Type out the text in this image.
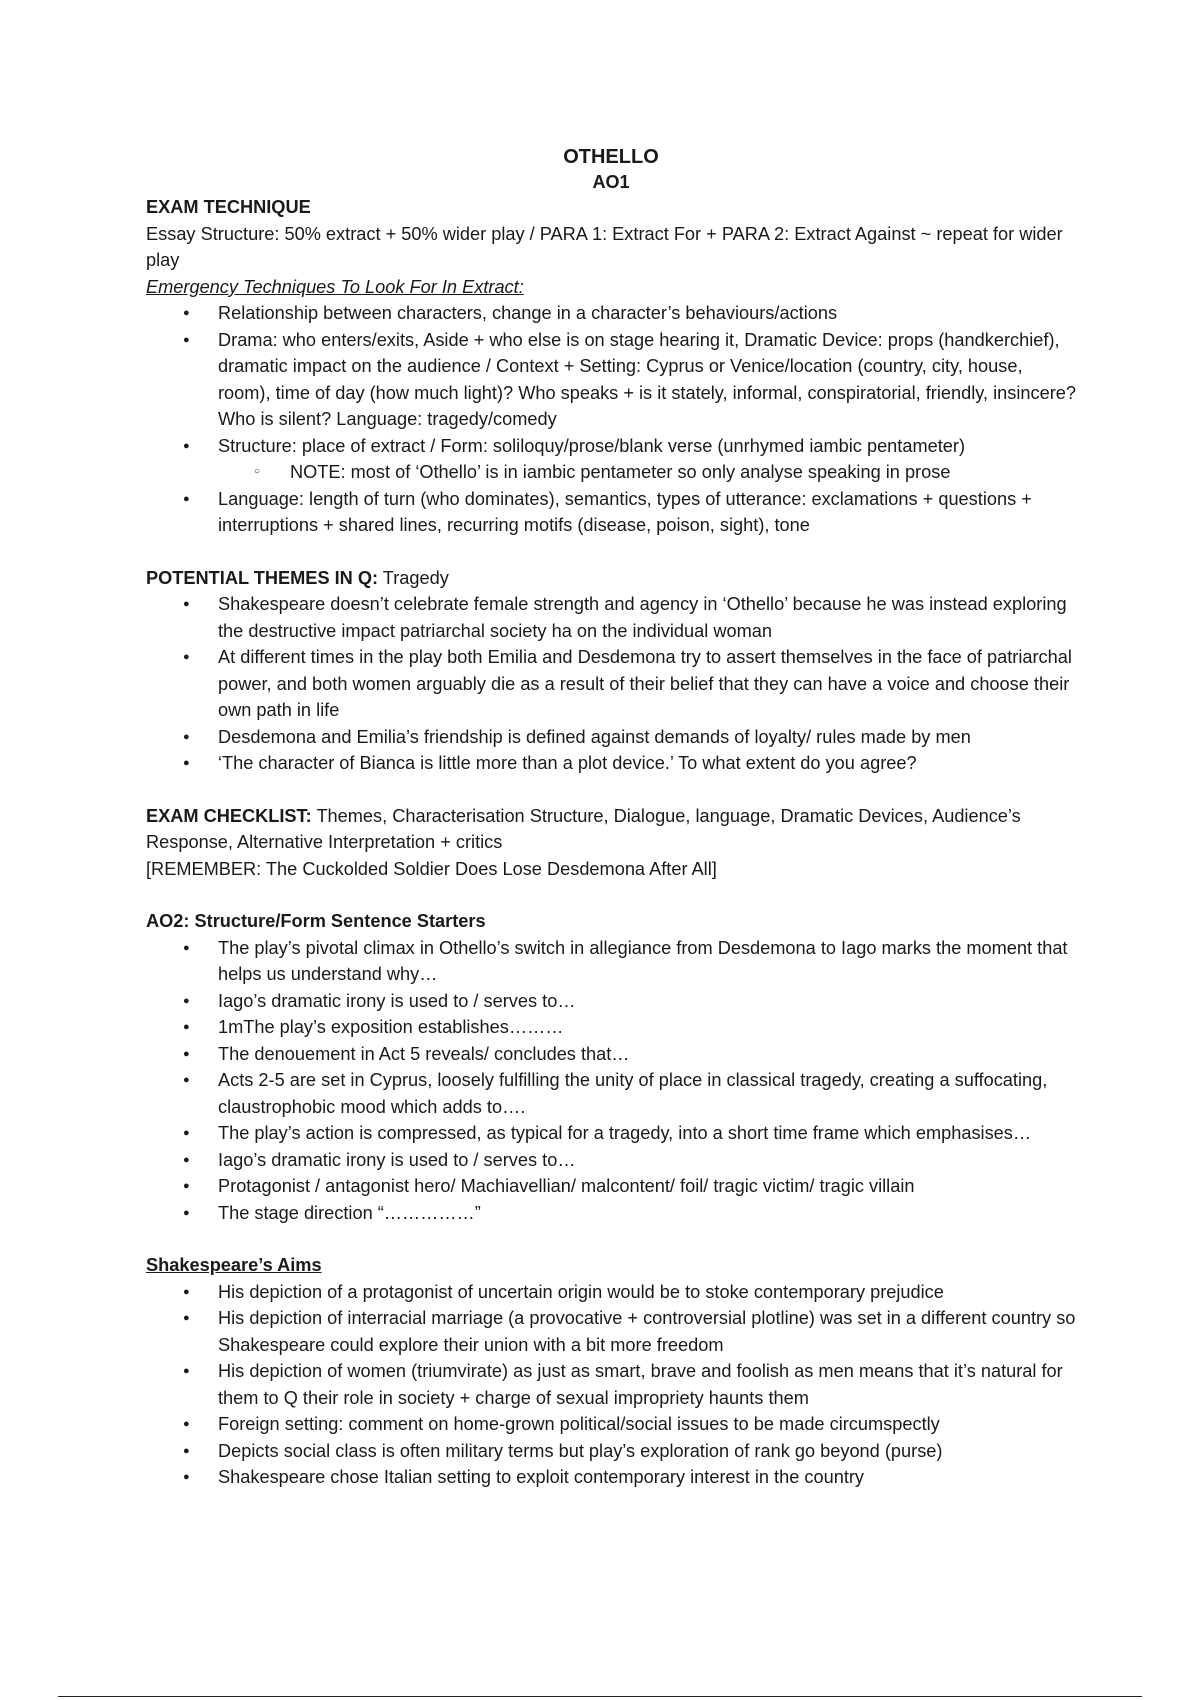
OTHELLO

AO1

EXAM TECHNIQUE

Essay Structure: 50% extract + 50% wider play / PARA 1: Extract For + PARA 2: Extract Against ~ repeat for wider play

Emergency Techniques To Look For In Extract:

● Relationship between characters, change in a character’s behaviours/actions
● Drama: who enters/exits, Aside + who else is on stage hearing it, Dramatic Device: props (handkerchief), dramatic impact on the audience / Context + Setting: Cyprus or Venice/location (country, city, house, room), time of day (how much light)? Who speaks + is it stately, informal, conspiratorial, friendly, insincere? Who is silent? Language: tragedy/comedy
● Structure: place of extract / Form: soliloquy/prose/blank verse (unrhymed iambic pentameter)
○ NOTE: most of ‘Othello’ is in iambic pentameter so only analyse speaking in prose
● Language: length of turn (who dominates), semantics, types of utterance: exclamations + questions + interruptions + shared lines, recurring motifs (disease, poison, sight), tone

POTENTIAL THEMES IN Q: Tragedy

● Shakespeare doesn’t celebrate female strength and agency in ‘Othello’ because he was instead exploring the destructive impact patriarchal society ha on the individual woman
● At different times in the play both Emilia and Desdemona try to assert themselves in the face of patriarchal power, and both women arguably die as a result of their belief that they can have a voice and choose their own path in life
● Desdemona and Emilia’s friendship is defined against demands of loyalty/ rules made by men
● ‘The character of Bianca is little more than a plot device.’ To what extent do you agree?

EXAM CHECKLIST: Themes, Characterisation Structure, Dialogue, language, Dramatic Devices, Audience’s Response, Alternative Interpretation + critics

[REMEMBER: The Cuckolded Soldier Does Lose Desdemona After All]

AO2: Structure/Form Sentence Starters

● The play’s pivotal climax in Othello’s switch in allegiance from Desdemona to Iago marks the moment that helps us understand why…
● Iago’s dramatic irony is used to / serves to…
● 1mThe play’s exposition establishes………
● The denouement in Act 5 reveals/ concludes that…
● Acts 2-5 are set in Cyprus, loosely fulfilling the unity of place in classical tragedy, creating a suffocating, claustrophobic mood which adds to….
● The play’s action is compressed, as typical for a tragedy, into a short time frame which emphasises…
● Iago’s dramatic irony is used to / serves to…
● Protagonist / antagonist hero/ Machiavellian/ malcontent/ foil/ tragic victim/ tragic villain
● The stage direction “……………”

Shakespeare’s Aims

● His depiction of a protagonist of uncertain origin would be to stoke contemporary prejudice
● His depiction of interracial marriage (a provocative + controversial plotline) was set in a different country so Shakespeare could explore their union with a bit more freedom
● His depiction of women (triumvirate) as just as smart, brave and foolish as men means that it’s natural for them to Q their role in society + charge of sexual impropriety haunts them
● Foreign setting: comment on home-grown political/social issues to be made circumspectly
● Depicts social class is often military terms but play’s exploration of rank go beyond (purse)
● Shakespeare chose Italian setting to exploit contemporary interest in the country
